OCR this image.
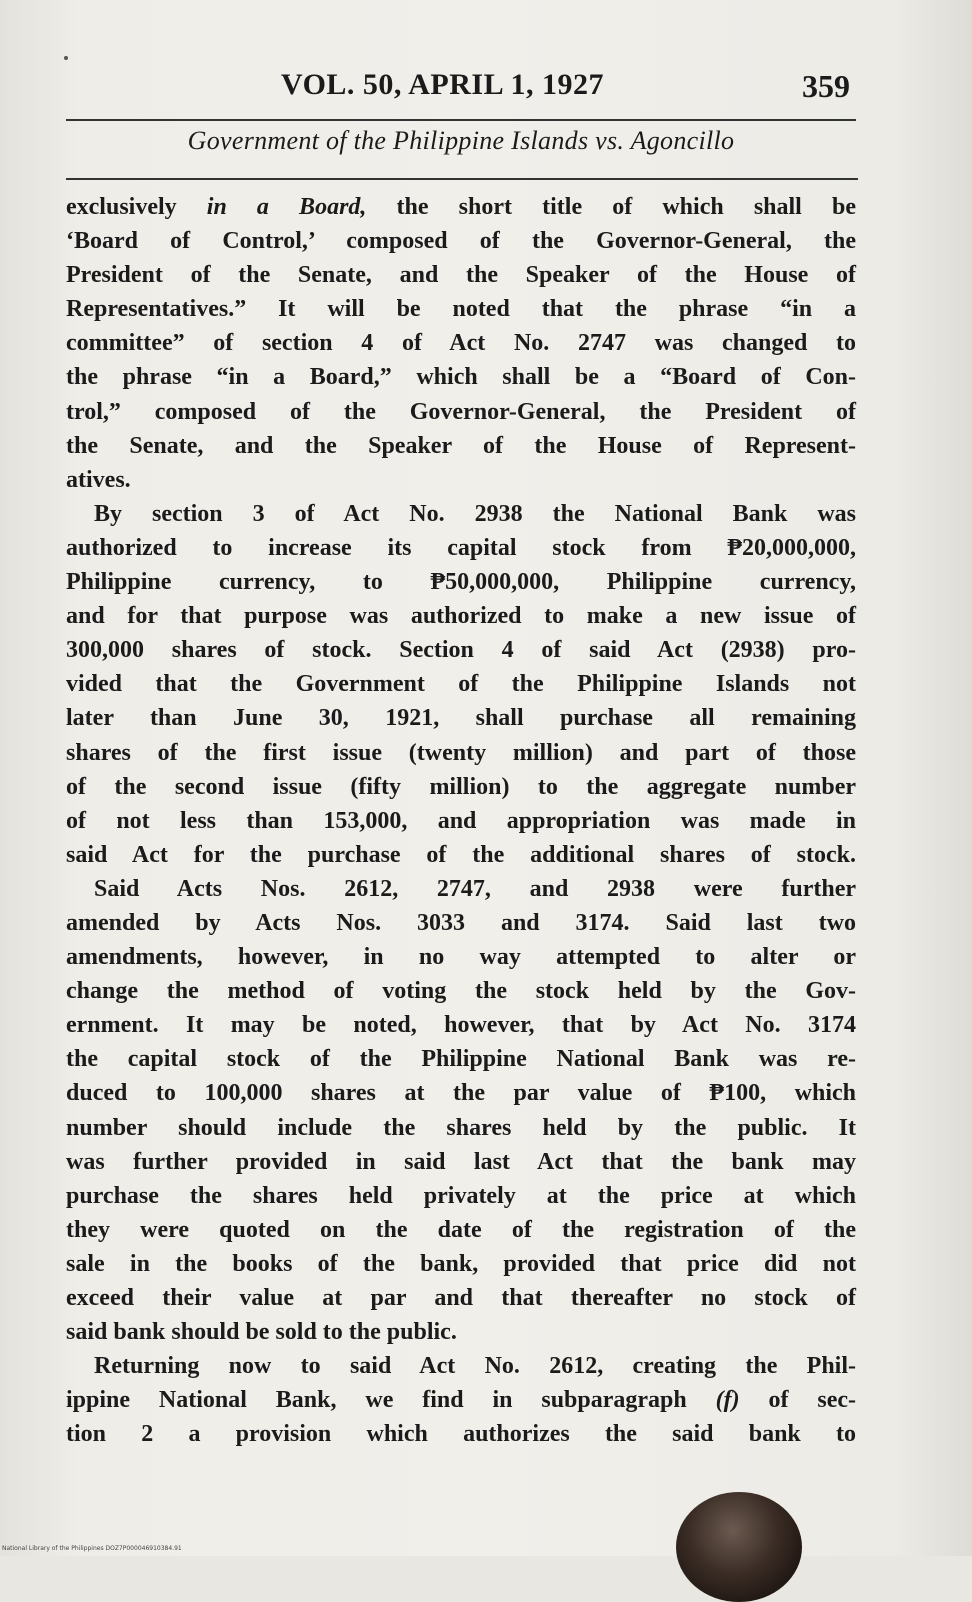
VOL. 50, APRIL 1, 1927	359
Government of the Philippine Islands vs. Agoncillo

exclusively in a Board, the short title of which shall be
‘Board of Control,’ composed of the Governor-General, the
President of the Senate, and the Speaker of the House of
Representatives.” It will be noted that the phrase “in a
committee” of section 4 of Act No. 2747 was changed to
the phrase “in a Board,” which shall be a “Board of Con-
trol,” composed of the Governor-General, the President of
the Senate, and the Speaker of the House of Represent-
atives.

By section 3 of Act No. 2938 the National Bank was
authorized to increase its capital stock from ₱20,000,000,
Philippine currency, to ₱50,000,000, Philippine currency,
and for that purpose was authorized to make a new issue of
300,000 shares of stock. Section 4 of said Act (2938) pro-
vided that the Government of the Philippine Islands not
later than June 30, 1921, shall purchase all remaining
shares of the first issue (twenty million) and part of those
of the second issue (fifty million) to the aggregate number
of not less than 153,000, and appropriation was made in
said Act for the purchase of the additional shares of stock.

Said Acts Nos. 2612, 2747, and 2938 were further
amended by Acts Nos. 3033 and 3174. Said last two
amendments, however, in no way attempted to alter or
change the method of voting the stock held by the Gov-
ernment. It may be noted, however, that by Act No. 3174
the capital stock of the Philippine National Bank was re-
duced to 100,000 shares at the par value of ₱100, which
number should include the shares held by the public. It
was further provided in said last Act that the bank may
purchase the shares held privately at the price at which
they were quoted on the date of the registration of the
sale in the books of the bank, provided that price did not
exceed their value at par and that thereafter no stock of
said bank should be sold to the public.

Returning now to said Act No. 2612, creating the Phil-
ippine National Bank, we find in subparagraph (f) of sec-
tion 2 a provision which authorizes the said bank to

National Library of the Philippines DOZ7P000046910384.91
